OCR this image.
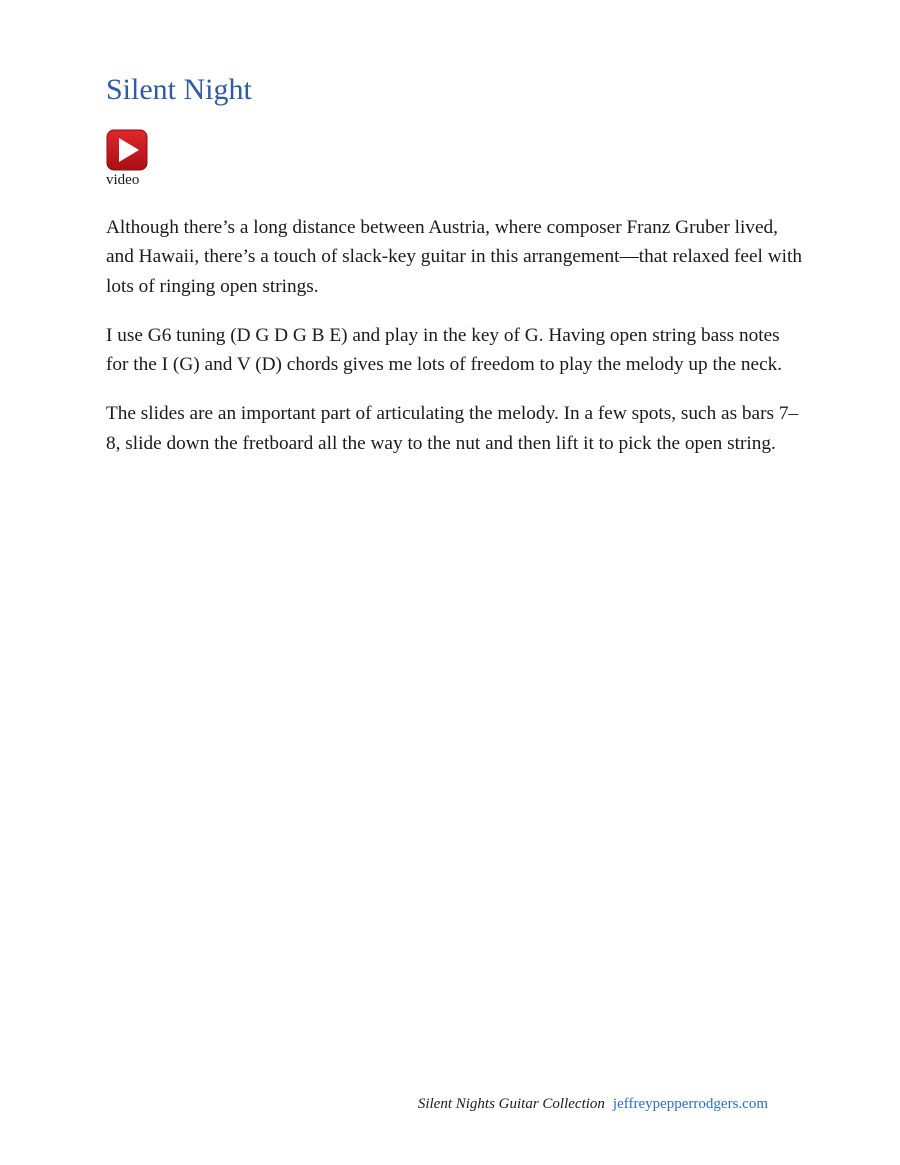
Silent Night
video

Although there’s a long distance between Austria, where composer Franz Gruber lived, and Hawaii, there’s a touch of slack-key guitar in this arrangement—that relaxed feel with lots of ringing open strings.

I use G6 tuning (D G D G B E) and play in the key of G. Having open string bass notes for the I (G) and V (D) chords gives me lots of freedom to play the melody up the neck.

The slides are an important part of articulating the melody. In a few spots, such as bars 7–8, slide down the fretboard all the way to the nut and then lift it to pick the open string.

Silent Nights Guitar Collection jeffreypepperrodgers.com
